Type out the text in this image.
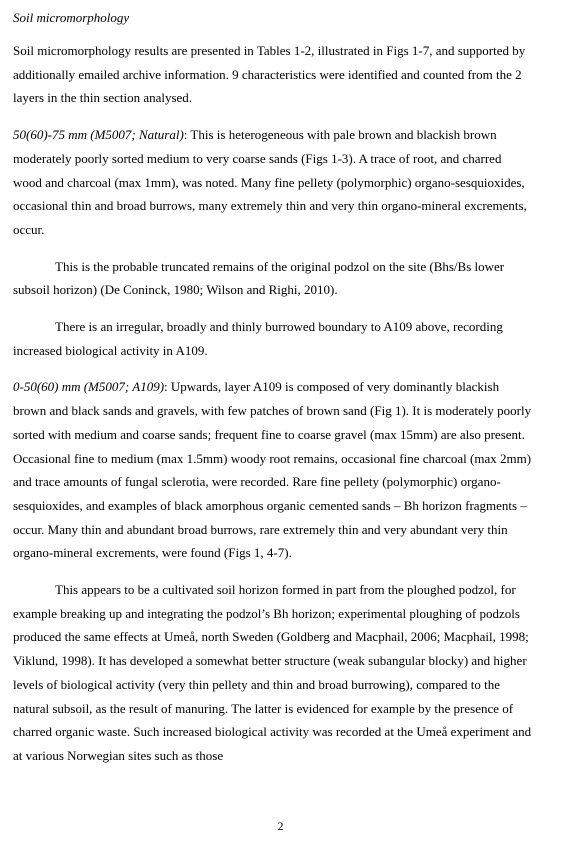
Soil micromorphology

Soil micromorphology results are presented in Tables 1-2, illustrated in Figs 1-7, and supported by additionally emailed archive information. 9 characteristics were identified and counted from the 2 layers in the thin section analysed.

50(60)-75 mm (M5007; Natural): This is heterogeneous with pale brown and blackish brown moderately poorly sorted medium to very coarse sands (Figs 1-3). A trace of root, and charred wood and charcoal (max 1mm), was noted. Many fine pellety (polymorphic) organo-sesquioxides, occasional thin and broad burrows, many extremely thin and very thin organo-mineral excrements, occur.

This is the probable truncated remains of the original podzol on the site (Bhs/Bs lower subsoil horizon) (De Coninck, 1980; Wilson and Righi, 2010).

There is an irregular, broadly and thinly burrowed boundary to A109 above, recording increased biological activity in A109.

0-50(60) mm (M5007; A109): Upwards, layer A109 is composed of very dominantly blackish brown and black sands and gravels, with few patches of brown sand (Fig 1). It is moderately poorly sorted with medium and coarse sands; frequent fine to coarse gravel (max 15mm) are also present. Occasional fine to medium (max 1.5mm) woody root remains, occasional fine charcoal (max 2mm) and trace amounts of fungal sclerotia, were recorded. Rare fine pellety (polymorphic) organo-sesquioxides, and examples of black amorphous organic cemented sands – Bh horizon fragments – occur. Many thin and abundant broad burrows, rare extremely thin and very abundant very thin organo-mineral excrements, were found (Figs 1, 4-7).

This appears to be a cultivated soil horizon formed in part from the ploughed podzol, for example breaking up and integrating the podzol’s Bh horizon; experimental ploughing of podzols produced the same effects at Umeå, north Sweden (Goldberg and Macphail, 2006; Macphail, 1998; Viklund, 1998). It has developed a somewhat better structure (weak subangular blocky) and higher levels of biological activity (very thin pellety and thin and broad burrowing), compared to the natural subsoil, as the result of manuring. The latter is evidenced for example by the presence of charred organic waste. Such increased biological activity was recorded at the Umeå experiment and at various Norwegian sites such as those

2
